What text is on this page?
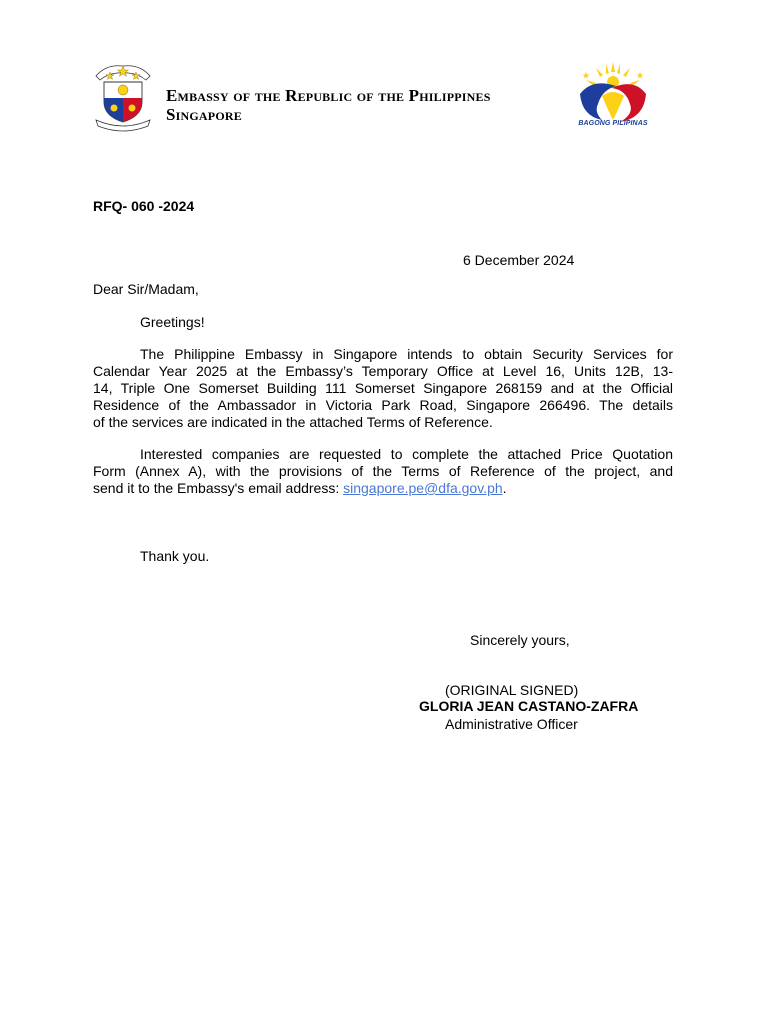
Embassy of the Republic of the Philippines
Singapore	BAGONG PILIPINAS
RFQ- 060 -2024
6 December 2024
Dear Sir/Madam,
Greetings!
The Philippine Embassy in Singapore intends to obtain Security Services for
Calendar Year 2025 at the Embassy’s Temporary Office at Level 16, Units 12B, 13-
14, Triple One Somerset Building 111 Somerset Singapore 268159 and at the Official
Residence of the Ambassador in Victoria Park Road, Singapore 266496. The details
of the services are indicated in the attached Terms of Reference.
Interested companies are requested to complete the attached Price Quotation
Form (Annex A), with the provisions of the Terms of Reference of the project, and
send it to the Embassy's email address: singapore.pe@dfa.gov.ph.
Thank you.
Sincerely yours,
(ORIGINAL SIGNED)
GLORIA JEAN CASTANO-ZAFRA
Administrative Officer
